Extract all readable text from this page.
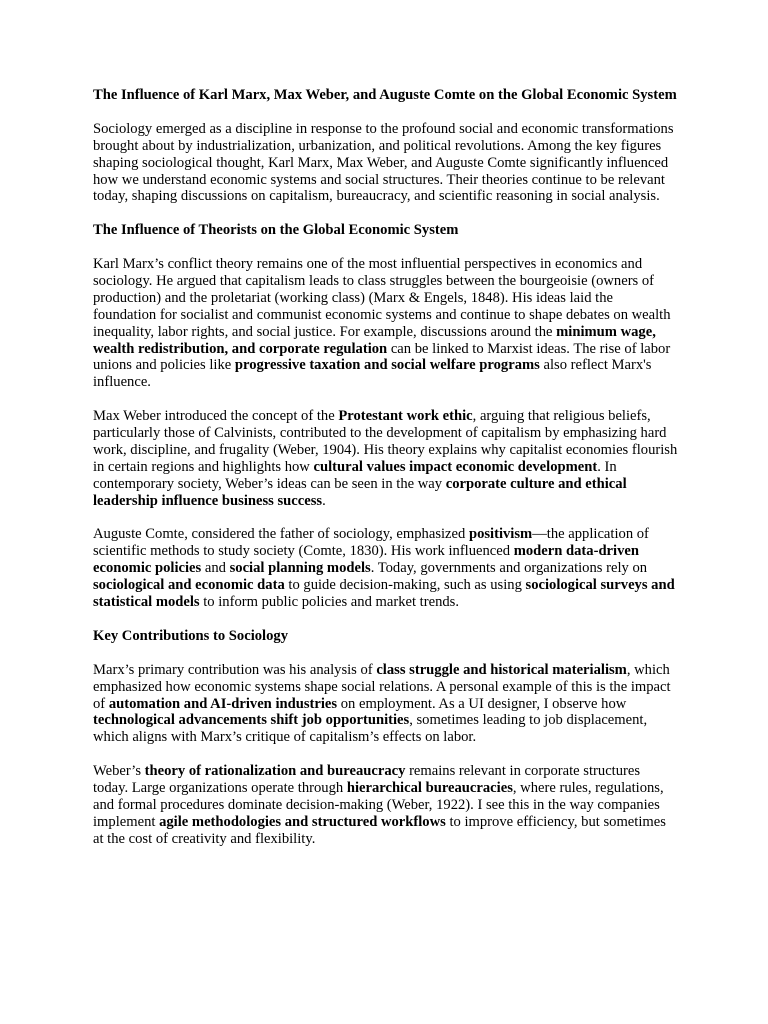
The Influence of Karl Marx, Max Weber, and Auguste Comte on the Global Economic System

Sociology emerged as a discipline in response to the profound social and economic transformations brought about by industrialization, urbanization, and political revolutions. Among the key figures shaping sociological thought, Karl Marx, Max Weber, and Auguste Comte significantly influenced how we understand economic systems and social structures. Their theories continue to be relevant today, shaping discussions on capitalism, bureaucracy, and scientific reasoning in social analysis.

The Influence of Theorists on the Global Economic System

Karl Marx’s conflict theory remains one of the most influential perspectives in economics and sociology. He argued that capitalism leads to class struggles between the bourgeoisie (owners of production) and the proletariat (working class) (Marx & Engels, 1848). His ideas laid the foundation for socialist and communist economic systems and continue to shape debates on wealth inequality, labor rights, and social justice. For example, discussions around the minimum wage, wealth redistribution, and corporate regulation can be linked to Marxist ideas. The rise of labor unions and policies like progressive taxation and social welfare programs also reflect Marx's influence.

Max Weber introduced the concept of the Protestant work ethic, arguing that religious beliefs, particularly those of Calvinists, contributed to the development of capitalism by emphasizing hard work, discipline, and frugality (Weber, 1904). His theory explains why capitalist economies flourish in certain regions and highlights how cultural values impact economic development. In contemporary society, Weber’s ideas can be seen in the way corporate culture and ethical leadership influence business success.

Auguste Comte, considered the father of sociology, emphasized positivism—the application of scientific methods to study society (Comte, 1830). His work influenced modern data-driven economic policies and social planning models. Today, governments and organizations rely on sociological and economic data to guide decision-making, such as using sociological surveys and statistical models to inform public policies and market trends.

Key Contributions to Sociology

Marx’s primary contribution was his analysis of class struggle and historical materialism, which emphasized how economic systems shape social relations. A personal example of this is the impact of automation and AI-driven industries on employment. As a UI designer, I observe how technological advancements shift job opportunities, sometimes leading to job displacement, which aligns with Marx’s critique of capitalism’s effects on labor.

Weber’s theory of rationalization and bureaucracy remains relevant in corporate structures today. Large organizations operate through hierarchical bureaucracies, where rules, regulations, and formal procedures dominate decision-making (Weber, 1922). I see this in the way companies implement agile methodologies and structured workflows to improve efficiency, but sometimes at the cost of creativity and flexibility.
